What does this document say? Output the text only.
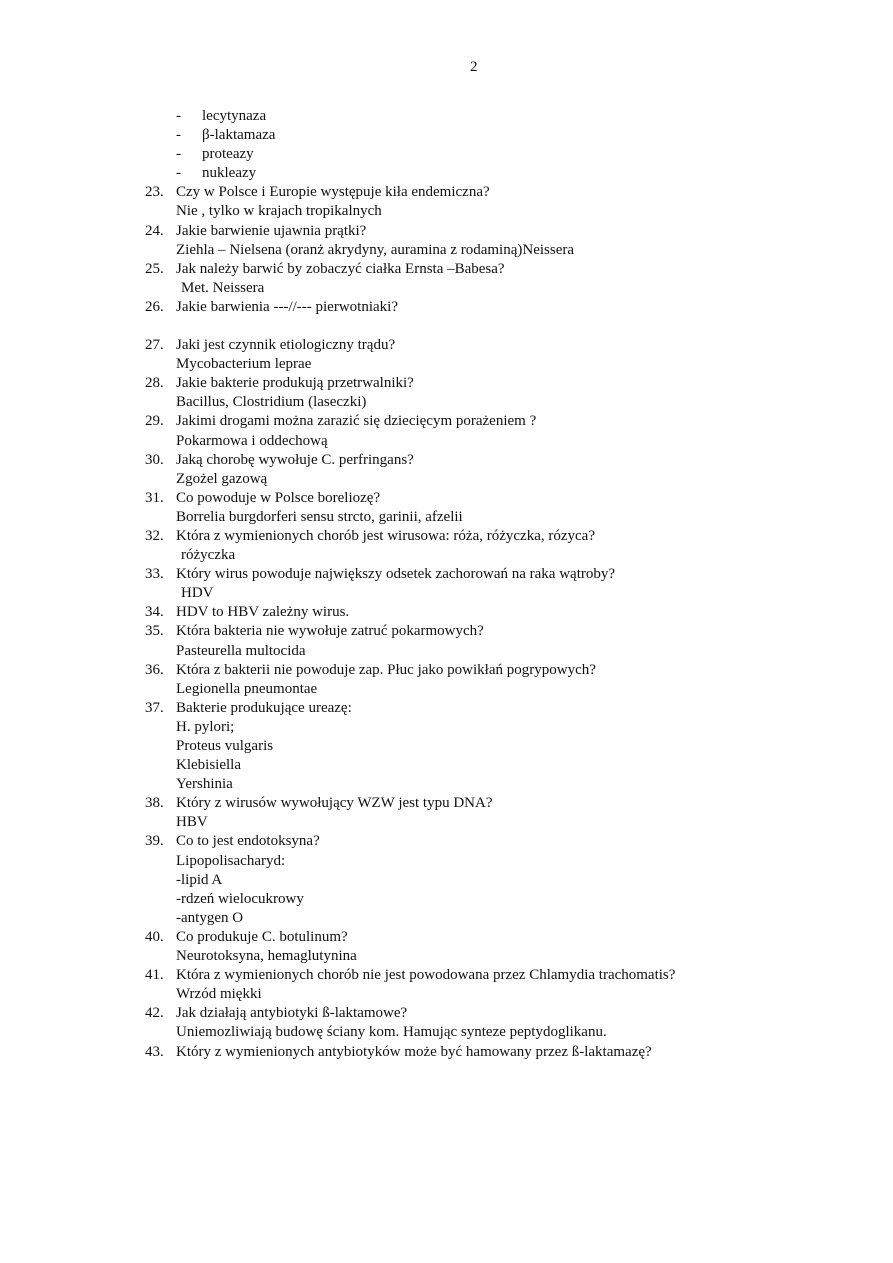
2
- lecytynaza
- β-laktamaza
- proteazy
- nukleazy
23. Czy w Polsce i Europie występuje kiła endemiczna?
Nie , tylko w krajach tropikalnych
24. Jakie barwienie ujawnia prątki?
Ziehla – Nielsena (oranż akrydyny, auramina z rodaminą)Neissera
25. Jak należy barwić by zobaczyć ciałka Ernsta –Babesa?
Met. Neissera
26. Jakie barwienia ---//--- pierwotniaki?
27. Jaki jest czynnik etiologiczny trądu?
Mycobacterium leprae
28. Jakie bakterie produkują przetrwalniki?
Bacillus, Clostridium (laseczki)
29. Jakimi drogami można zarazić się dziecięcym porażeniem ?
Pokarmowa i oddechową
30. Jaką chorobę wywołuje C. perfringans?
Zgożel gazową
31. Co powoduje w Polsce boreliozę?
Borrelia burgdorferi sensu strcto, garinii, afzelii
32. Która z wymienionych chorób jest wirusowa: róża, różyczka, rózyca?
różyczka
33. Który wirus powoduje największy odsetek zachorowań na raka wątroby?
HDV
34. HDV to HBV zależny wirus.
35. Która bakteria nie wywołuje zatruć pokarmowych?
Pasteurella multocida
36. Która z bakterii nie powoduje zap. Płuc jako powikłań pogrypowych?
Legionella pneumontae
37. Bakterie produkujące ureazę:
H. pylori;
Proteus vulgaris
Klebisiella
Yershinia
38. Który z wirusów wywołujący WZW jest typu DNA?
HBV
39. Co to jest endotoksyna?
Lipopolisacharyd:
-lipid A
-rdzeń wielocukrowy
-antygen O
40. Co produkuje C. botulinum?
Neurotoksyna, hemaglutynina
41. Która z wymienionych chorób nie jest powodowana przez Chlamydia trachomatis?
Wrzód miękki
42. Jak działają antybiotyki ß-laktamowe?
Uniemozliwiają budowę ściany kom. Hamując synteze peptydoglikanu.
43. Który z wymienionych antybiotyków może być hamowany przez ß-laktamazę?
